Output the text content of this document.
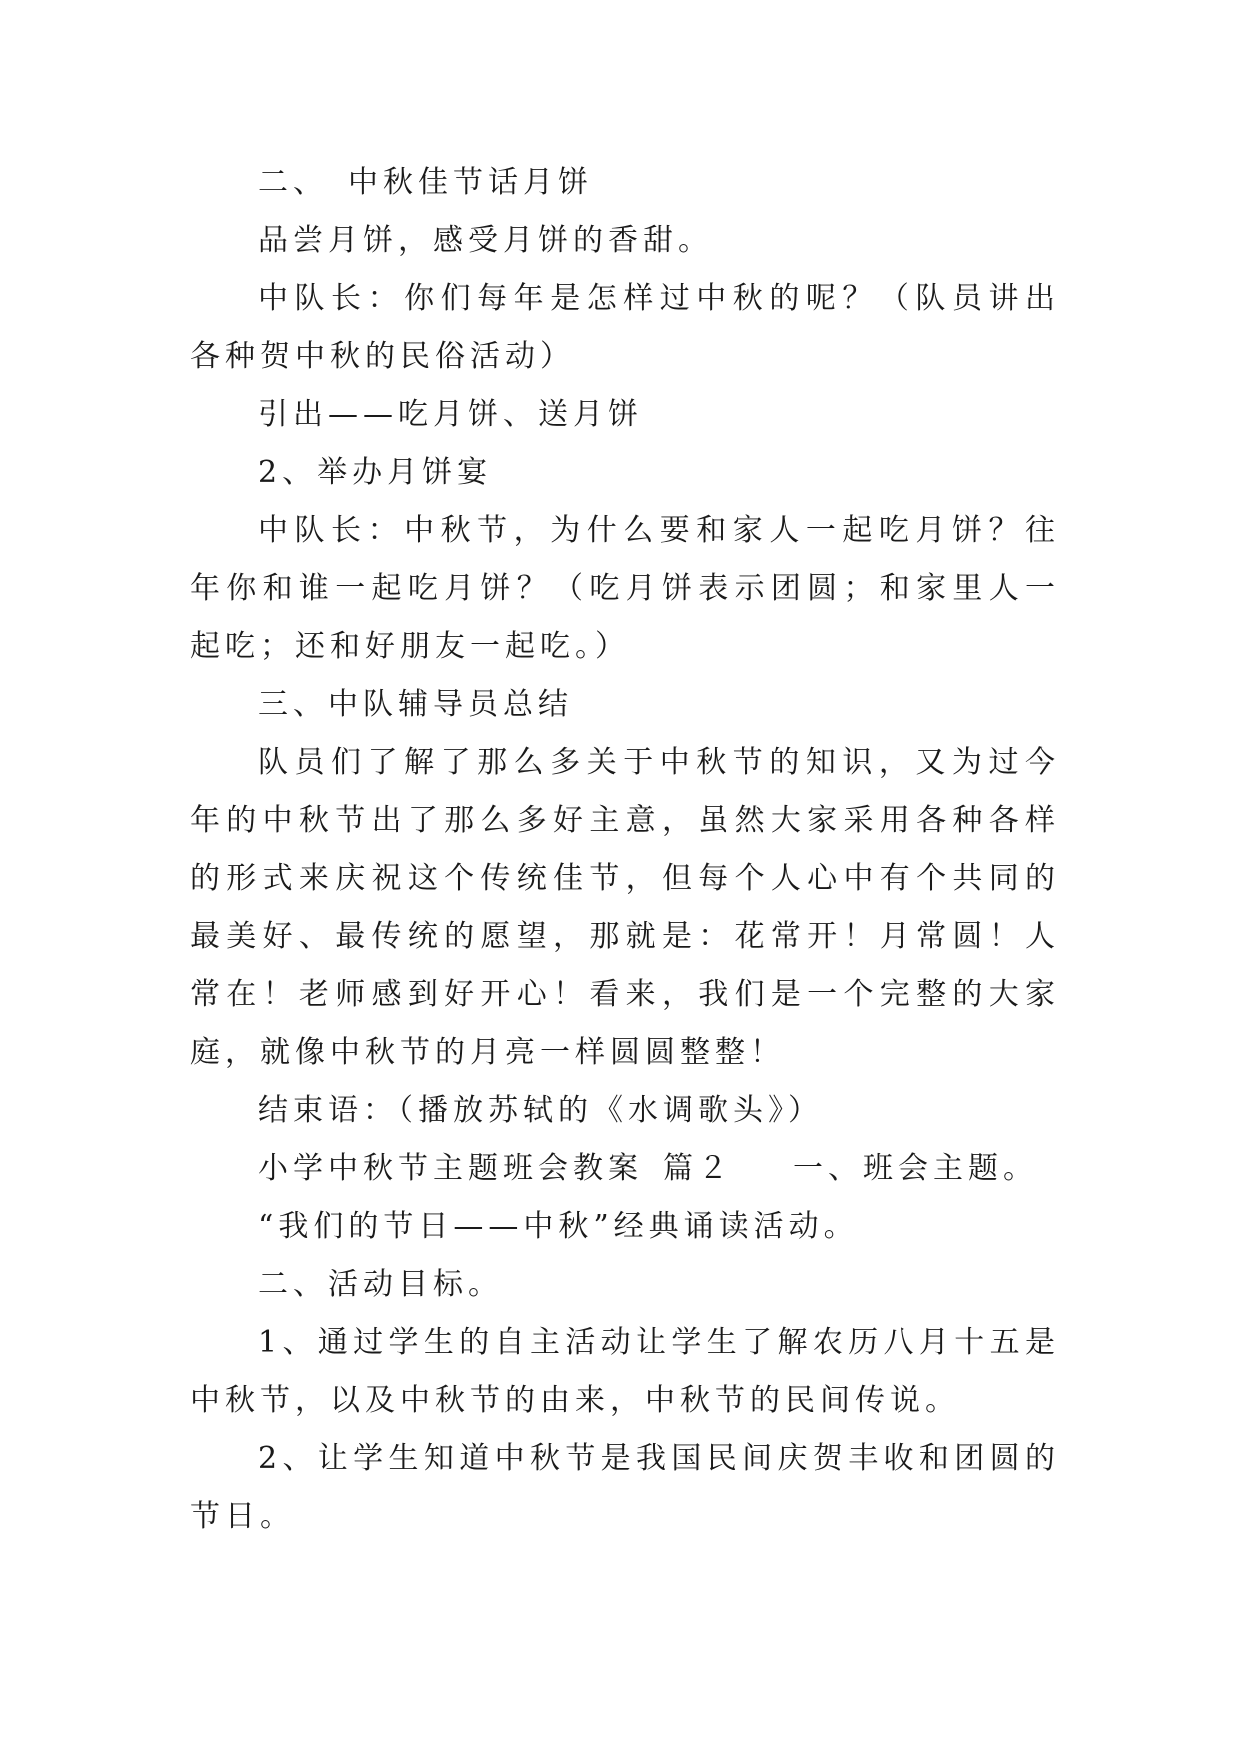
二、 中秋佳节话月饼

品尝月饼，感受月饼的香甜。

中队长：你们每年是怎样过中秋的呢？（队员讲出各种贺中秋的民俗活动）

引出——吃月饼、送月饼

2、举办月饼宴

中队长：中秋节，为什么要和家人一起吃月饼？往年你和谁一起吃月饼？（吃月饼表示团圆；和家里人一起吃；还和好朋友一起吃。）

三、中队辅导员总结

队员们了解了那么多关于中秋节的知识，又为过今年的中秋节出了那么多好主意，虽然大家采用各种各样的形式来庆祝这个传统佳节，但每个人心中有个共同的最美好、最传统的愿望，那就是：花常开！月常圆！人常在！老师感到好开心！看来，我们是一个完整的大家庭，就像中秋节的月亮一样圆圆整整！

结束语：（播放苏轼的《水调歌头》）

小学中秋节主题班会教案 篇２ 一、班会主题。

“我们的节日——中秋”经典诵读活动。

二、活动目标。

1、通过学生的自主活动让学生了解农历八月十五是中秋节，以及中秋节的由来，中秋节的民间传说。

2、让学生知道中秋节是我国民间庆贺丰收和团圆的节日。
